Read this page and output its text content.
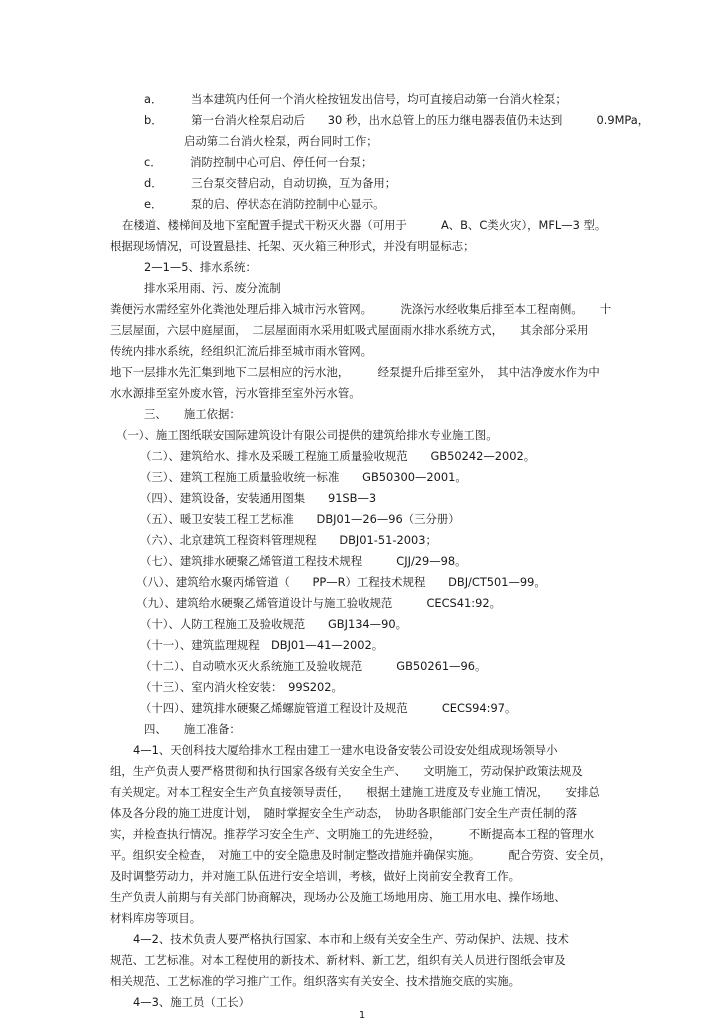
a．　　　当本建筑内任何一个消火栓按钮发出信号，均可直接启动第一台消火栓泵；
b．　　　第一台消火栓泵启动后　　30 秒，出水总管上的压力继电器表值仍未达到　　　0.9MPa，
启动第二台消火栓泵，两台同时工作；
c．　　　消防控制中心可启、停任何一台泵；
d．　　　三台泵交替启动，自动切换，互为备用；
e．　　　泵的启、停状态在消防控制中心显示。
在楼道、楼梯间及地下室配置手提式干粉灭火器（可用于　　　A、B、C类火灾），MFL—3 型。
根据现场情况，可设置悬挂、托架、灭火箱三种形式，并没有明显标志；
2—1—5、排水系统：
排水采用雨、污、废分流制
粪便污水需经室外化粪池处理后排入城市污水管网。　　　洗涤污水经收集后排至本工程南侧。　　十
三层屋面，六层中庭屋面，　二层屋面雨水采用虹吸式屋面雨水排水系统方式，　　其余部分采用
传统内排水系统，经组织汇流后排至城市雨水管网。
地下一层排水先汇集到地下二层相应的污水池，　　　经泵提升后排至室外，　其中洁净废水作为中
水水源排至室外废水管，污水管排至室外污水管。
三、　　施工依据：
（一）、施工图纸联安国际建筑设计有限公司提供的建筑给排水专业施工图。
（二）、建筑给水、排水及采暖工程施工质量验收规范　　GB50242—2002。
（三）、建筑工程施工质量验收统一标准　　GB50300—2001。
（四）、建筑设备，安装通用图集　　91SB—3
（五）、暖卫安装工程工艺标准　　DBJ01—26—96（三分册）
（六）、北京建筑工程资料管理规程　　DBJ01-51-2003；
（七）、建筑排水硬聚乙烯管道工程技术规程　　　CJJ/29—98。
（八）、建筑给水聚丙烯管道（　　PP—R）工程技术规程　　DBJ/CT501—99。
（九）、建筑给水硬聚乙烯管道设计与施工验收规范　　　CECS41:92。
（十）、人防工程施工及验收规范　　GBJ134—90。
（十一）、建筑监理规程　DBJ01—41—2002。
（十二）、自动喷水灭火系统施工及验收规范　　　GB50261—96。
（十三）、室内消火栓安装：　99S202。
（十四）、建筑排水硬聚乙烯螺旋管道工程设计及规范　　　CECS94:97。
四、　　施工准备：
4—1、天创科技大厦给排水工程由建工一建水电设备安装公司设安处组成现场领导小
组，生产负责人要严格贯彻和执行国家各级有关安全生产、　　文明施工，劳动保护政策法规及
有关规定。对本工程安全生产负直接领导责任，　　根据土建施工进度及专业施工情况，　　安排总
体及各分段的施工进度计划，　随时掌握安全生产动态，　协助各职能部门安全生产责任制的落
实，并检查执行情况。推荐学习安全生产、文明施工的先进经验，　　　不断提高本工程的管理水
平。组织安全检查，　对施工中的安全隐患及时制定整改措施并确保实施。　　　配合劳资、安全员，
及时调整劳动力，并对施工队伍进行安全培训，考核，做好上岗前安全教育工作。
生产负责人前期与有关部门协商解决，现场办公及施工场地用房、施工用水电、操作场地、
材料库房等项目。
4—2、技术负责人要严格执行国家、本市和上级有关安全生产、劳动保护、法规、技术
规范、工艺标准。对本工程使用的新技术、新材料、新工艺，组织有关人员进行图纸会审及
相关规范、工艺标准的学习推广工作。组织落实有关安全、技术措施交底的实施。
4—3、施工员（工长）
1
